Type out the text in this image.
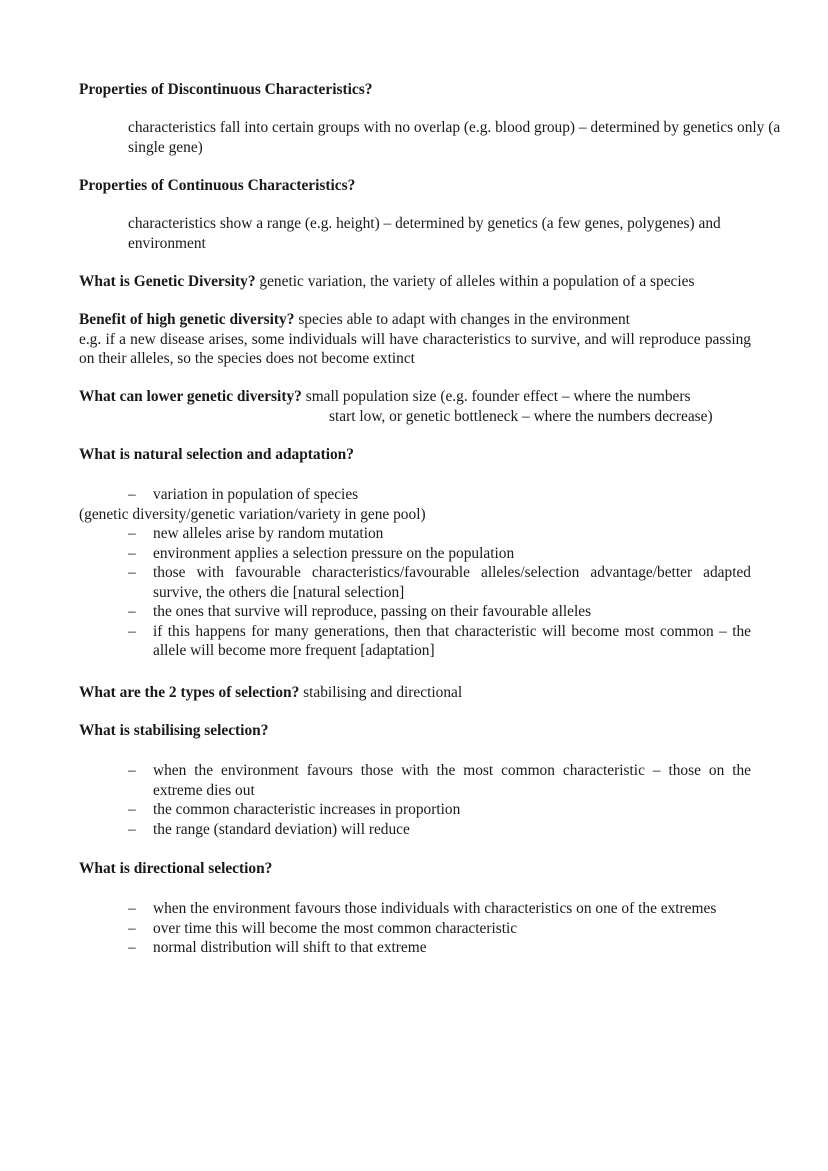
Properties of Discontinuous Characteristics?
characteristics fall into certain groups with no overlap (e.g. blood group) – determined by genetics only (a single gene)
Properties of Continuous Characteristics?
characteristics show a range (e.g. height) – determined by genetics (a few genes, polygenes) and environment
What is Genetic Diversity? genetic variation, the variety of alleles within a population of a species
Benefit of high genetic diversity? species able to adapt with changes in the environment
e.g. if a new disease arises, some individuals will have characteristics to survive, and will reproduce passing on their alleles, so the species does not become extinct
What can lower genetic diversity? small population size (e.g. founder effect – where the numbers
start low, or genetic bottleneck – where the numbers decrease)
What is natural selection and adaptation?
– variation in population of species
(genetic diversity/genetic variation/variety in gene pool)
– new alleles arise by random mutation
– environment applies a selection pressure on the population
– those with favourable characteristics/favourable alleles/selection advantage/better adapted survive, the others die [natural selection]
– the ones that survive will reproduce, passing on their favourable alleles
– if this happens for many generations, then that characteristic will become most common – the allele will become more frequent [adaptation]
What are the 2 types of selection? stabilising and directional
What is stabilising selection?
– when the environment favours those with the most common characteristic – those on the extreme dies out
– the common characteristic increases in proportion
– the range (standard deviation) will reduce
What is directional selection?
– when the environment favours those individuals with characteristics on one of the extremes
– over time this will become the most common characteristic
– normal distribution will shift to that extreme
